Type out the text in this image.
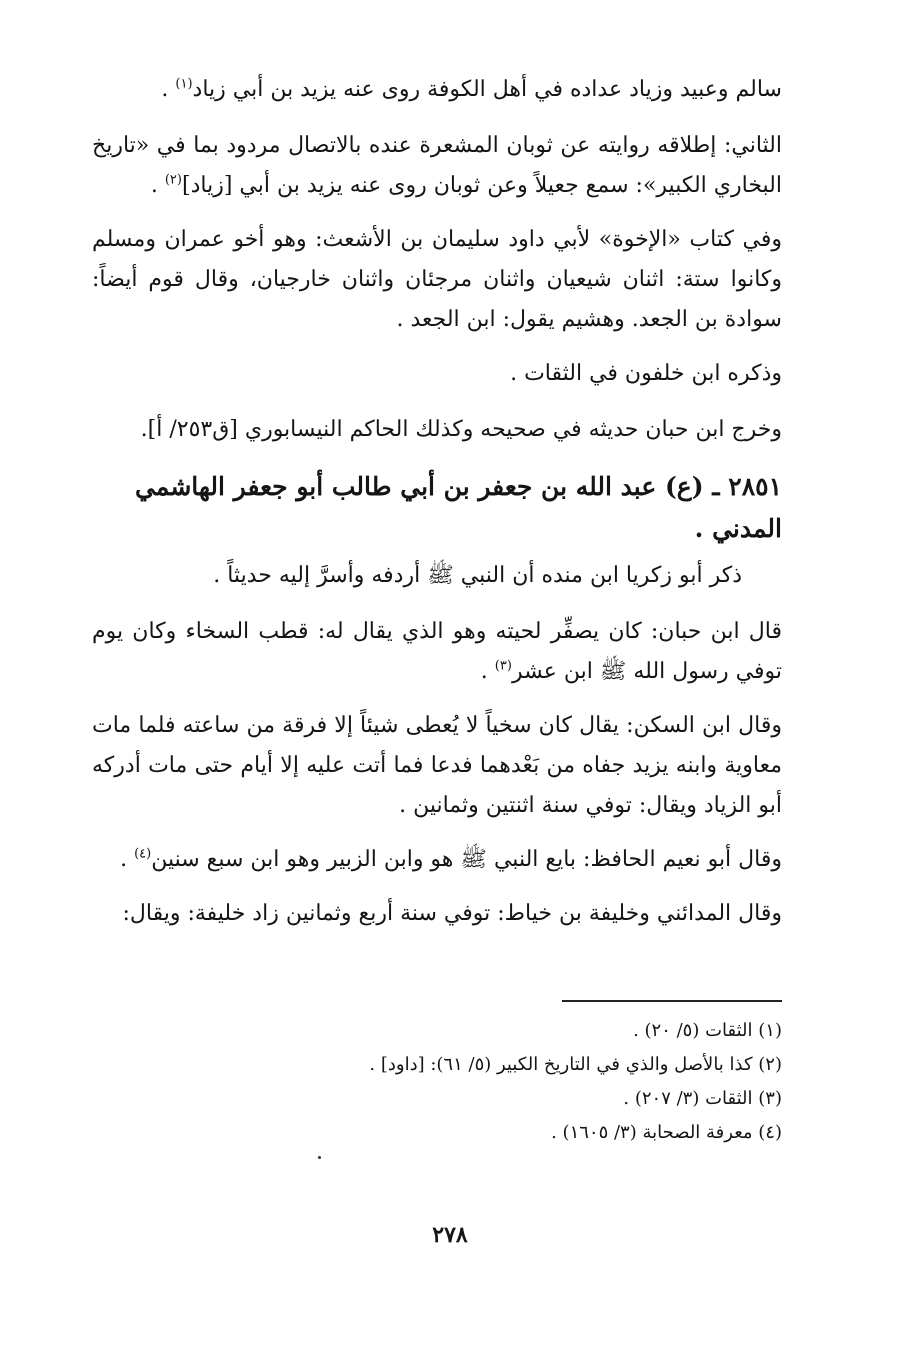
سالم وعبيد وزياد عداده في أهل الكوفة روى عنه يزيد بن أبي زياد$^{(١)}$ .

الثاني: إطلاقه روايته عن ثوبان المشعرة عنده بالاتصال مردود بما في «تاريخ البخاري الكبير»: سمع جعيلاً وعن ثوبان روى عنه يزيد بن أبي [زياد]$^{(٢)}$ .

وفي كتاب «الإخوة» لأبي داود سليمان بن الأشعث: وهو أخو عمران ومسلم وكانوا ستة: اثنان شيعيان واثنان مرجئان واثنان خارجيان، وقال قوم أيضاً: سوادة بن الجعد. وهشيم يقول: ابن الجعد .

وذكره ابن خلفون في الثقات .

وخرج ابن حبان حديثه في صحيحه وكذلك الحاكم النيسابوري [ق٢٥٣/ أ].

٢٨٥١ ـ (ع) عبد الله بن جعفر بن أبي طالب أبو جعفر الهاشمي المدني .

ذكر أبو زكريا ابن منده أن النبي ﷺ أردفه وأسرَّ إليه حديثاً .

قال ابن حبان: كان يصفِّر لحيته وهو الذي يقال له: قطب السخاء وكان يوم توفي رسول الله ﷺ ابن عشر$^{(٣)}$ .

وقال ابن السكن: يقال كان سخياً لا يُعطى شيئاً إلا فرقة من ساعته فلما مات معاوية وابنه يزيد جفاه من بَعْدهما فدعا فما أتت عليه إلا أيام حتى مات أدركه أبو الزياد ويقال: توفي سنة اثنتين وثمانين .

وقال أبو نعيم الحافظ: بايع النبي ﷺ هو وابن الزبير وهو ابن سبع سنين$^{(٤)}$ .

وقال المدائني وخليفة بن خياط: توفي سنة أربع وثمانين زاد خليفة: ويقال:

(١) الثقات (٥/ ٢٠) .

(٢) كذا بالأصل والذي في التاريخ الكبير (٥/ ٦١): [داود] .

(٣) الثقات (٣/ ٢٠٧) .

(٤) معرفة الصحابة (٣/ ١٦٠٥) .

٢٧٨
